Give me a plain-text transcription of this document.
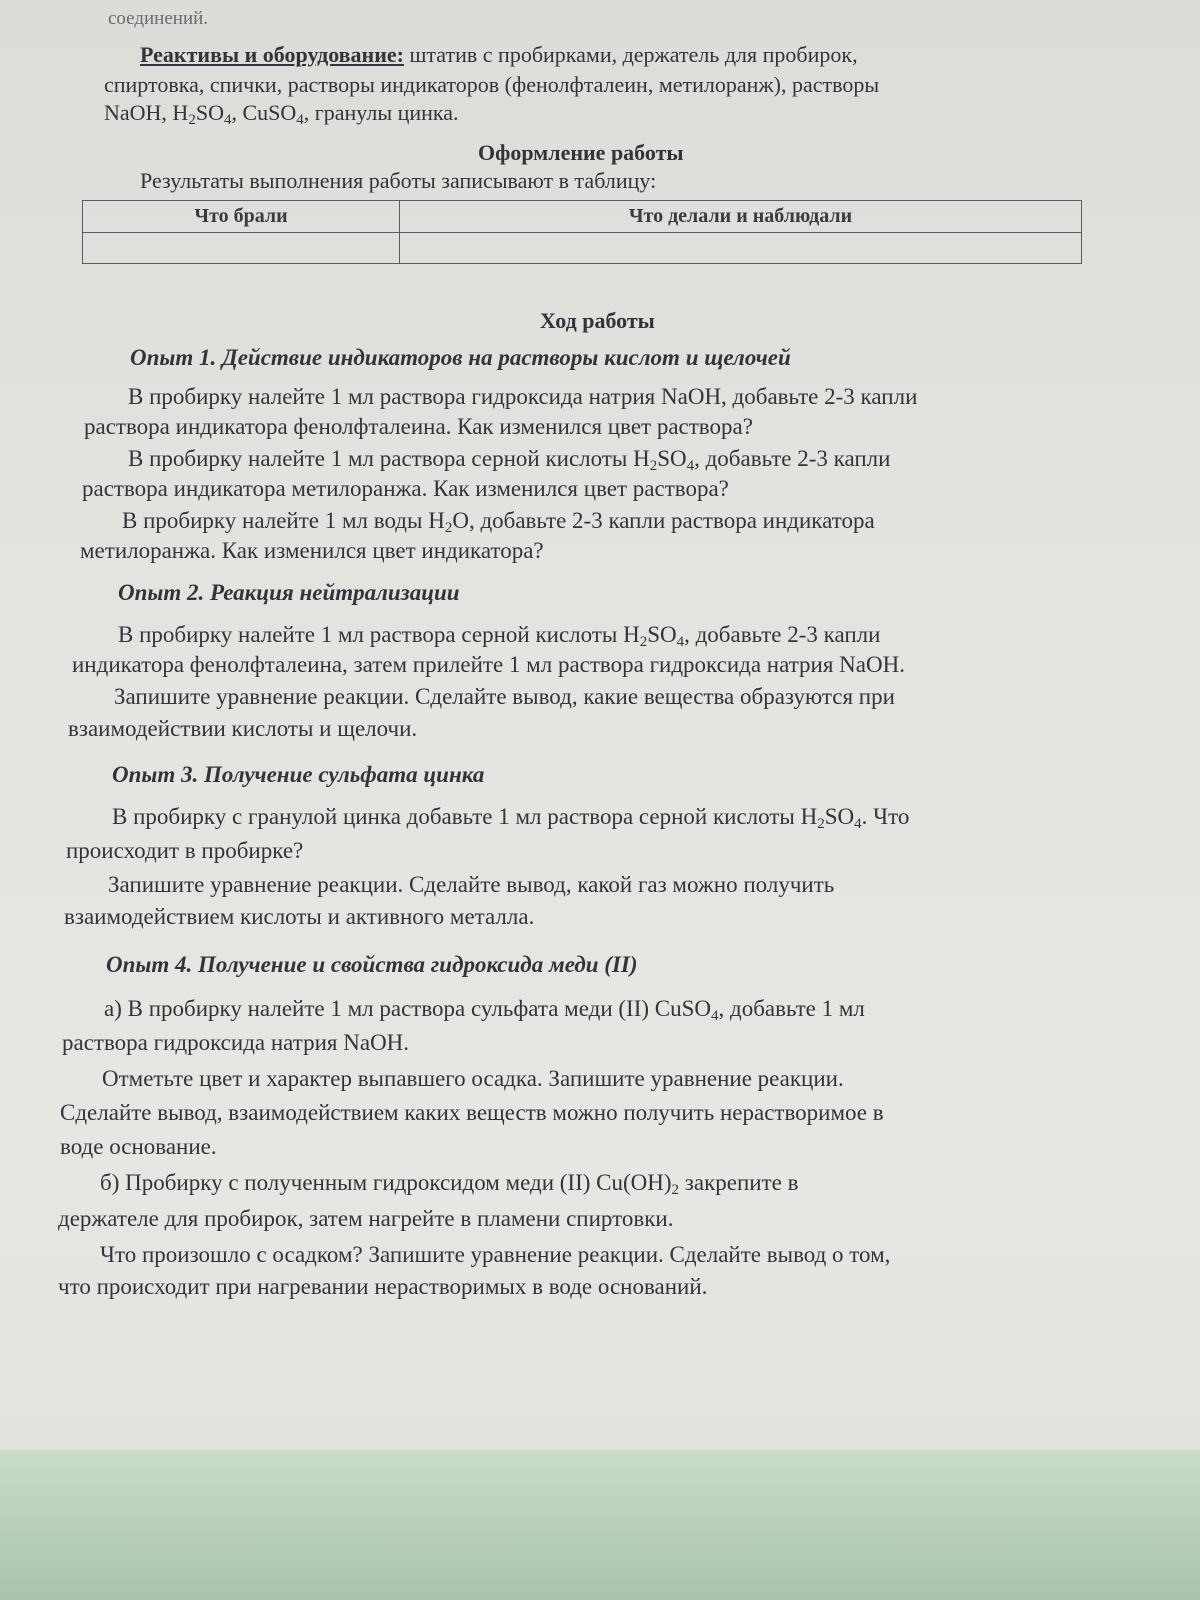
соединений.
Реактивы и оборудование: штатив с пробирками, держатель для пробирок,
спиртовка, спички, растворы индикаторов (фенолфталеин, метилоранж), растворы
NaOH, $H_2SO_4$, CuSO$_4$, гранулы цинка.
Оформление работы
Результаты выполнения работы записывают в таблицу:
Что брали	Что делали и наблюдали

Ход работы
Опыт 1. Действие индикаторов на растворы кислот и щелочей
В пробирку налейте 1 мл раствора гидроксида натрия NaOH, добавьте 2-3 капли
раствора индикатора фенолфталеина. Как изменился цвет раствора?
В пробирку налейте 1 мл раствора серной кислоты $H_2SO_4$, добавьте 2-3 капли
раствора индикатора метилоранжа. Как изменился цвет раствора?
В пробирку налейте 1 мл воды $H_2O$, добавьте 2-3 капли раствора индикатора
метилоранжа. Как изменился цвет индикатора?
Опыт 2. Реакция нейтрализации
В пробирку налейте 1 мл раствора серной кислоты $H_2SO_4$, добавьте 2-3 капли
индикатора фенолфталеина, затем прилейте 1 мл раствора гидроксида натрия NaOH.
Запишите уравнение реакции. Сделайте вывод, какие вещества образуются при
взаимодействии кислоты и щелочи.
Опыт 3. Получение сульфата цинка
В пробирку с гранулой цинка добавьте 1 мл раствора серной кислоты $H_2SO_4$. Что
происходит в пробирке?
Запишите уравнение реакции. Сделайте вывод, какой газ можно получить
взаимодействием кислоты и активного металла.
Опыт 4. Получение и свойства гидроксида меди (II)
а) В пробирку налейте 1 мл раствора сульфата меди (II) CuSO$_4$, добавьте 1 мл
раствора гидроксида натрия NaOH.
Отметьте цвет и характер выпавшего осадка. Запишите уравнение реакции.
Сделайте вывод, взаимодействием каких веществ можно получить нерастворимое в
воде основание.
б) Пробирку с полученным гидроксидом меди (II) $Cu(OH)_2$ закрепите в
держателе для пробирок, затем нагрейте в пламени спиртовки.
Что произошло с осадком? Запишите уравнение реакции. Сделайте вывод о том,
что происходит при нагревании нерастворимых в воде оснований.
